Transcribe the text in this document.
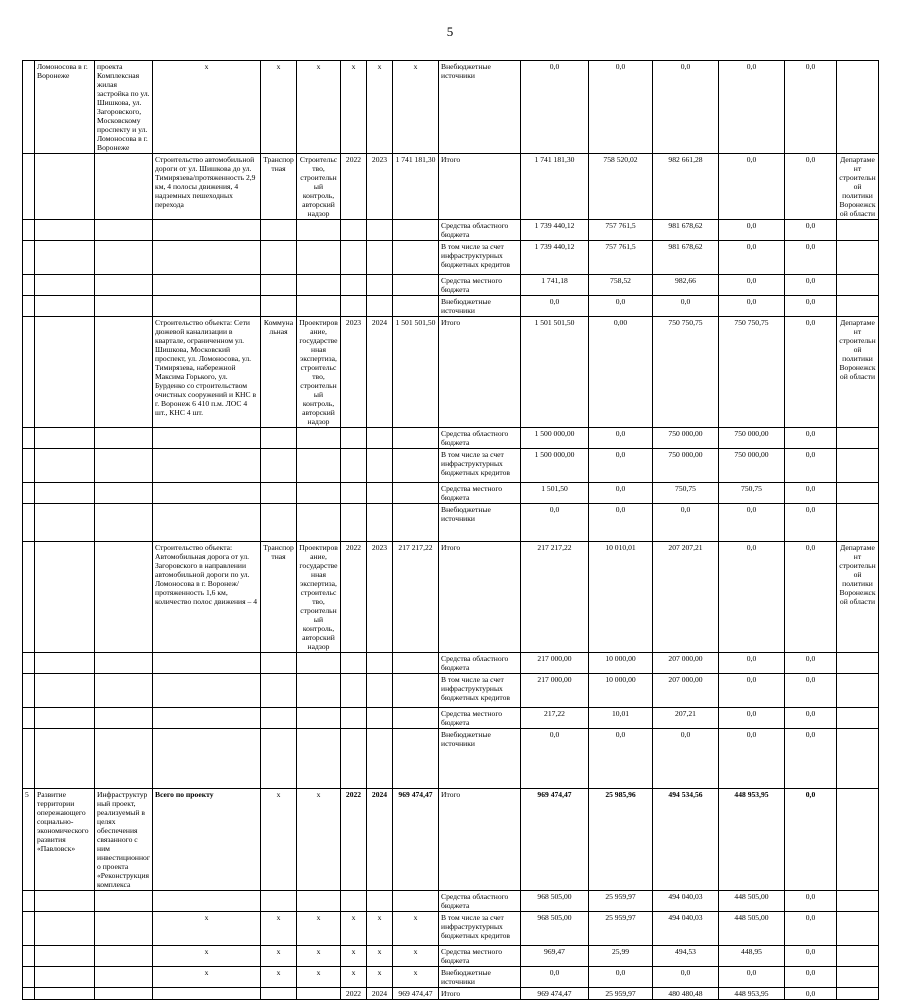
5
	Ломоносова в г. Воронеже	проекта Комплексная жилая застройка по ул. Шишкова, ул. Загоровского, Московскому проспекту и ул. Ломоносова в г. Воронеже	x	x	x	x	x	x	Внебюджетные источники	0,0	0,0	0,0	0,0	0,0	
			Строительство автомобильной дороги от ул. Шишкова до ул. Тимирязева/протяженность 2,9 км, 4 полосы движения, 4 надземных пешеходных перехода	Транспортная	Строительство, строительный контроль, авторский надзор	2022	2023	1 741 181,30	Итого	1 741 181,30	758 520,02	982 661,28	0,0	0,0	Департамент строительной политики Воронежской области
									Средства областного бюджета	1 739 440,12	757 761,5	981 678,62	0,0	0,0	
									В том числе за счет инфраструктурных бюджетных кредитов	1 739 440,12	757 761,5	981 678,62	0,0	0,0	
									Средства местного бюджета	1 741,18	758,52	982,66	0,0	0,0	
									Внебюджетные источники	0,0	0,0	0,0	0,0	0,0	
			Строительство объекта: Сети дюжевой канализации в квартале, ограниченном ул. Шишкова, Московский проспект, ул. Ломоносова, ул. Тимирязева, набережной Максима Горького, ул. Бурденко со строительством очистных сооружений и КНС в г. Воронеж 6 410 п.м. ЛОС 4 шт., КНС 4 шт.	Коммунальная	Проектирование, государственная экспертиза, строительство, строительный контроль, авторский надзор	2023	2024	1 501 501,50	Итого	1 501 501,50	0,00	750 750,75	750 750,75	0,0	Департамент строительной политики Воронежской области
									Средства областного бюджета	1 500 000,00	0,0	750 000,00	750 000,00	0,0	
									В том числе за счет инфраструктурных бюджетных кредитов	1 500 000,00	0,0	750 000,00	750 000,00	0,0	
									Средства местного бюджета	1 501,50	0,0	750,75	750,75	0,0	
									Внебюджетные источники	0,0	0,0	0,0	0,0	0,0	
			Строительство объекта: Автомобильная дорога от ул. Загоровского в направлении автомобильной дороги по ул. Ломоносова в г. Воронеж/протяженность 1,6 км, количество полос движения – 4	Транспортная	Проектирование, государственная экспертиза, строительство, строительный контроль, авторский надзор	2022	2023	217 217,22	Итого	217 217,22	10 010,01	207 207,21	0,0	0,0	Департамент строительной политики Воронежской области
									Средства областного бюджета	217 000,00	10 000,00	207 000,00	0,0	0,0	
									В том числе за счет инфраструктурных бюджетных кредитов	217 000,00	10 000,00	207 000,00	0,0	0,0	
									Средства местного бюджета	217,22	10,01	207,21	0,0	0,0	
									Внебюджетные источники	0,0	0,0	0,0	0,0	0,0	
5	Развитие территории опережающего социально-экономического развития «Павловск»	Инфраструктурный проект, реализуемый в целях обеспечения связанного с ним инвестиционного проекта «Реконструкция комплекса	Всего по проекту	x	x	2022	2024	969 474,47	Итого	969 474,47	25 985,96	494 534,56	448 953,95	0,0	
									Средства областного бюджета	968 505,00	25 959,97	494 040,03	448 505,00	0,0	
			x	x	x	x	x	x	В том числе за счет инфраструктурных бюджетных кредитов	968 505,00	25 959,97	494 040,03	448 505,00	0,0	
			x	x	x	x	x	x	Средства местного бюджета	969,47	25,99	494,53	448,95	0,0	
			x	x	x	x	x	x	Внебюджетные источники	0,0	0,0	0,0	0,0	0,0	
						2022	2024	969 474,47	Итого	969 474,47	25 959,97	480 480,48	448 953,95	0,0	
